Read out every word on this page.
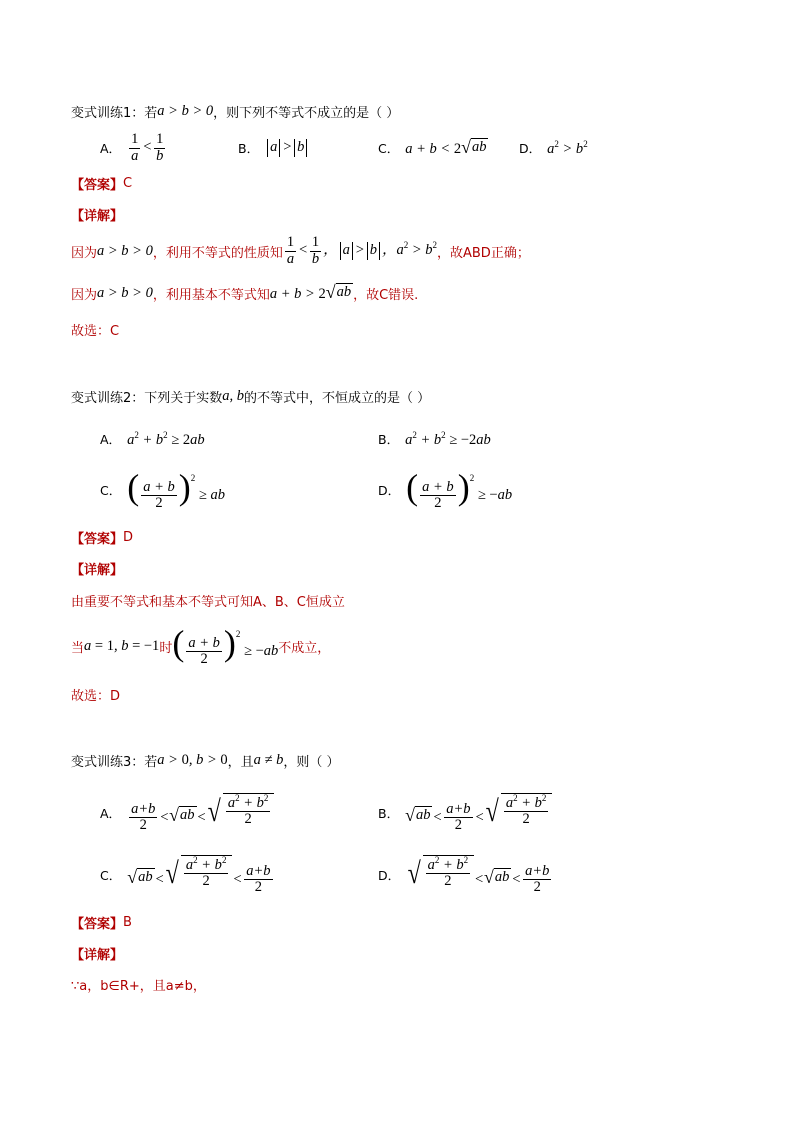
变式训练1：若 a > b > 0 ，则下列不等式不成立的是（ ）
A． $\frac{1}{a} < \frac{1}{b}$	B． a > b	C． a + b < 2 √ ab	D． $a^2 > b^2$
【答案】 C
【详解】
因为 a > b > 0 ，利用不等式的性质知 $\frac{1}{a} < \frac{1}{b}$ ， a > b ，$a^2 > b^2$ ，故ABD正确；
因为 a > b > 0 ，利用基本不等式知 a + b > 2 √ ab ，故C错误.
故选：C
变式训练2：下列关于实数 a, b 的不等式中，不恒成立的是（ ）
A． $a^2 + b^2 \ge 2ab$	B． $a^2 + b^2 \ge -2ab$
C． ( $\frac{a + b}{2} )^2$ ≥ ab	D． ( $\frac{a + b}{2} )^2 \ge -ab$
【答案】 D
【详解】
由重要不等式和基本不等式可知A、B、C恒成立
当 a = 1, b = −1 时 ( $\frac{a + b}{2} )^2 \ge -ab$ 不成立，
故选：D
变式训练3：若 a > 0, b > 0 ，且 a ≠ b ，则（ ）
A． $\frac{a+b}{2}$ < √ ab < √ $\frac{a^2 + b^2}{2}$	B． √ ab < $\frac{a+b}{2}$ < √ $\frac{a^2 + b^2}{2}$
C． √ ab < √ $\frac{a^2 + b^2}{2} < \frac{a+b}{2}$	D． √ $\frac{a^2 + b^2}{2}$ < √ ab < $\frac{a+b}{2}$
【答案】 B
【详解】
∵a，b∈R+，且a≠b，
